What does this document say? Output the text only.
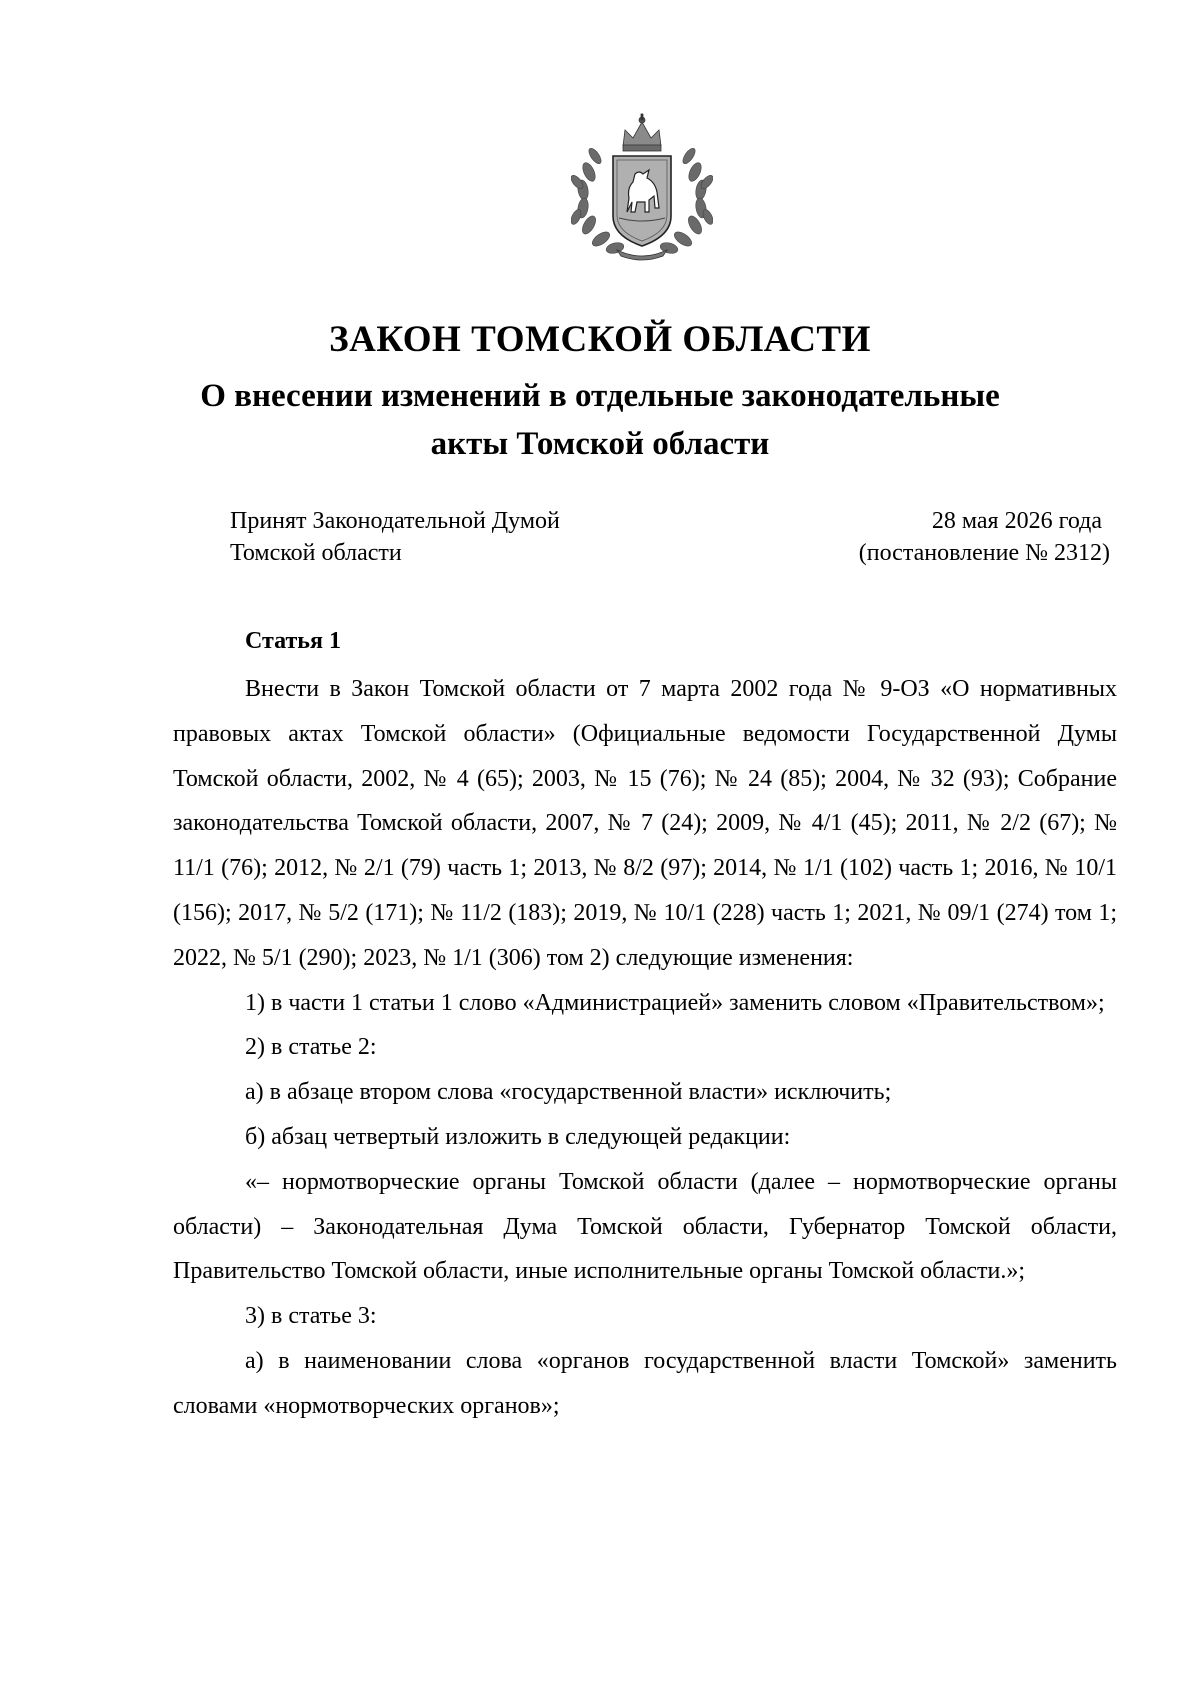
ЗАКОН ТОМСКОЙ ОБЛАСТИ
О внесении изменений в отдельные законодательные
акты Томской области
Принят Законодательной Думой
Томской области
28 мая 2026 года
(постановление № 2312)
Статья 1

Внести в Закон Томской области от 7 марта 2002 года № 9-ОЗ «О нормативных правовых актах Томской области» (Официальные ведомости Государственной Думы Томской области, 2002, № 4 (65); 2003, № 15 (76); № 24 (85); 2004, № 32 (93); Собрание законодательства Томской области, 2007, № 7 (24); 2009, № 4/1 (45); 2011, № 2/2 (67); № 11/1 (76); 2012, № 2/1 (79) часть 1; 2013, № 8/2 (97); 2014, № 1/1 (102) часть 1; 2016, № 10/1 (156); 2017, № 5/2 (171); № 11/2 (183); 2019, № 10/1 (228) часть 1; 2021, № 09/1 (274) том 1; 2022, № 5/1 (290); 2023, № 1/1 (306) том 2) следующие изменения:

1) в части 1 статьи 1 слово «Администрацией» заменить словом «Правительством»;

2) в статье 2:

а) в абзаце втором слова «государственной власти» исключить;

б) абзац четвертый изложить в следующей редакции:

«– нормотворческие органы Томской области (далее – нормотворческие органы области) – Законодательная Дума Томской области, Губернатор Томской области, Правительство Томской области, иные исполнительные органы Томской области.»;

3) в статье 3:

а) в наименовании слова «органов государственной власти Томской» заменить словами «нормотворческих органов»;
